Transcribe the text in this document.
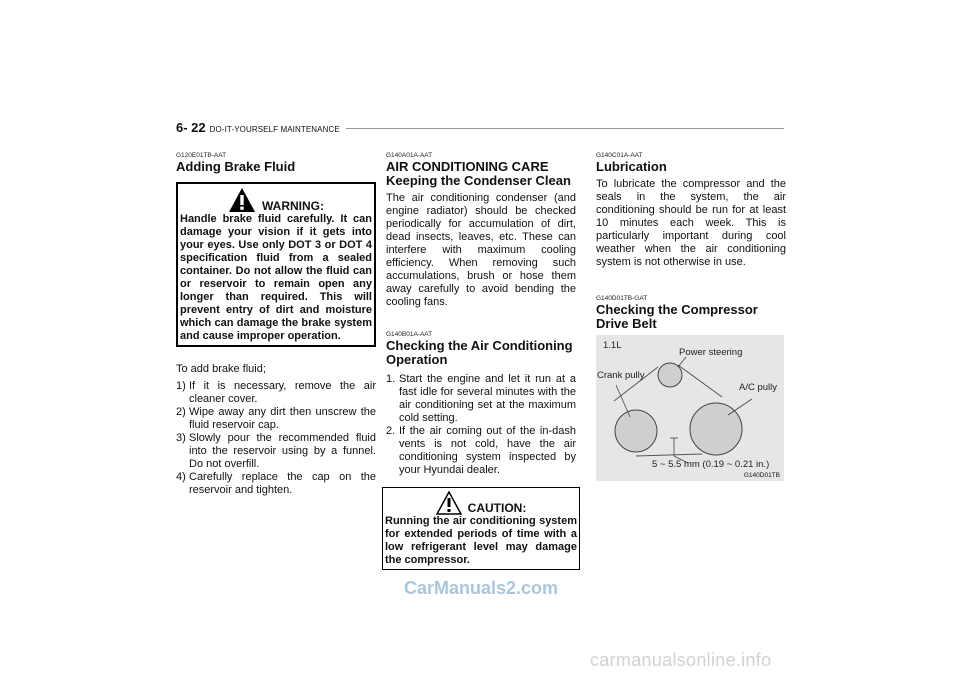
6- 22 DO-IT-YOURSELF MAINTENANCE
G120E01TB-AAT
Adding Brake Fluid
WARNING:
Handle brake fluid carefully. It can damage your vision if it gets into your eyes. Use only DOT 3 or DOT 4 specification fluid from a sealed container. Do not allow the fluid can or reservoir to remain open any longer than required. This will prevent entry of dirt and moisture which can damage the brake system and cause improper operation.

To add brake fluid;

1) If it is necessary, remove the air cleaner cover.
2) Wipe away any dirt then unscrew the fluid reservoir cap.
3) Slowly pour the recommended fluid into the reservoir using by a funnel. Do not overfill.
4) Carefully replace the cap on the reservoir and tighten.
G140A01A-AAT
AIR CONDITIONING CARE
Keeping the Condenser Clean

The air conditioning condenser (and engine radiator) should be checked periodically for accumulation of dirt, dead insects, leaves, etc. These can interfere with maximum cooling efficiency. When removing such accumulations, brush or hose them away carefully to avoid bending the cooling fans.

G140B01A-AAT
Checking the Air Conditioning Operation
1. Start the engine and let it run at a fast idle for several minutes with the air conditioning set at the maximum cold setting.
2. If the air coming out of the in-dash vents is not cold, have the air conditioning system inspected by your Hyundai dealer.
CAUTION:
Running the air conditioning system for extended periods of time with a low refrigerant level may damage the compressor.
G140C01A-AAT
Lubrication

To lubricate the compressor and the seals in the system, the air conditioning should be run for at least 10 minutes each week. This is particularly important during cool weather when the air conditioning system is not otherwise in use.

G140D01TB-GAT
Checking the Compressor Drive Belt
1.1L
Power steering
Crank pully
A/C pully
5 ~ 5.5 mm (0.19 ~ 0.21 in.)
G140D01TB
CarManuals2.com
carmanualsonline.info
